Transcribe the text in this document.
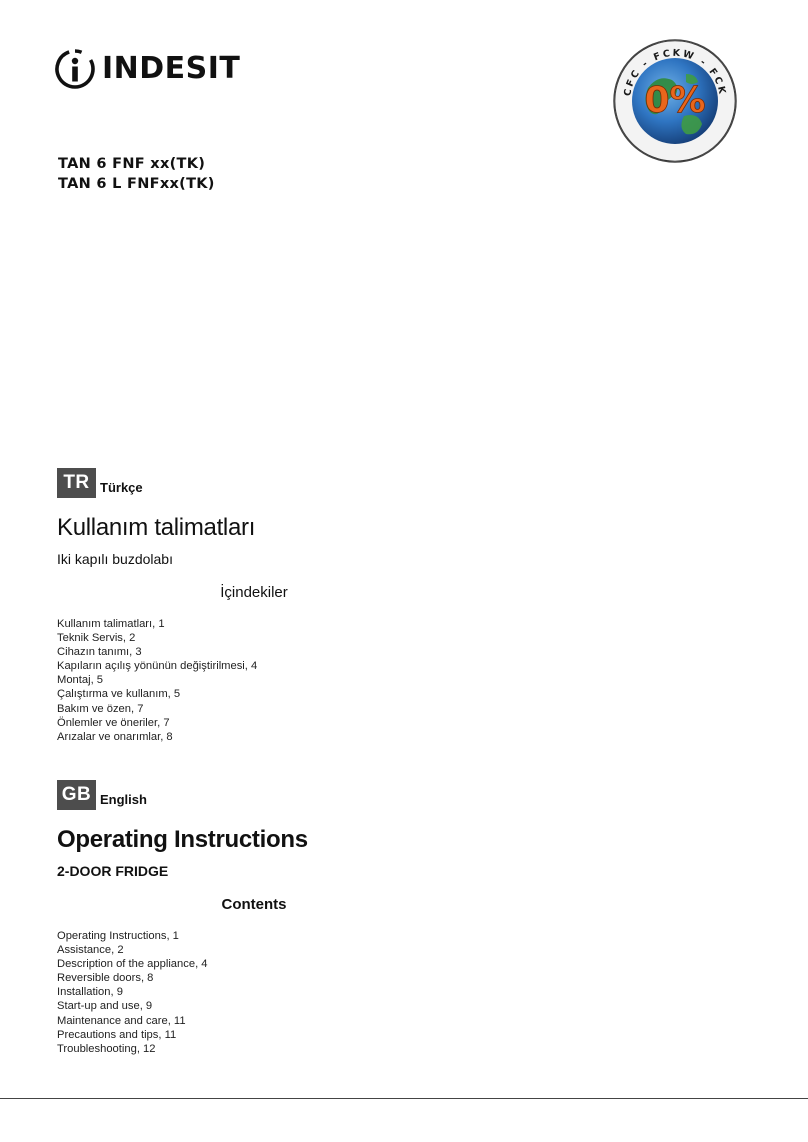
INDESIT
CFC - FCKW - FCK
0%
TAN 6 FNF xx(TK)
TAN 6 L FNFxx(TK)
TR Türkçe
Kullanım talimatları
Iki kapılı buzdolabı
İçindekiler
Kullanım talimatları, 1
Teknik Servis, 2
Cihazın tanımı, 3
Kapıların açılış yönünün değiştirilmesi, 4
Montaj, 5
Çalıştırma ve kullanım, 5
Bakım ve özen, 7
Önlemler ve öneriler, 7
Arızalar ve onarımlar, 8
GB English
Operating Instructions
2-DOOR FRIDGE
Contents
Operating Instructions, 1
Assistance, 2
Description of the appliance, 4
Reversible doors, 8
Installation, 9
Start-up and use, 9
Maintenance and care, 11
Precautions and tips, 11
Troubleshooting, 12
